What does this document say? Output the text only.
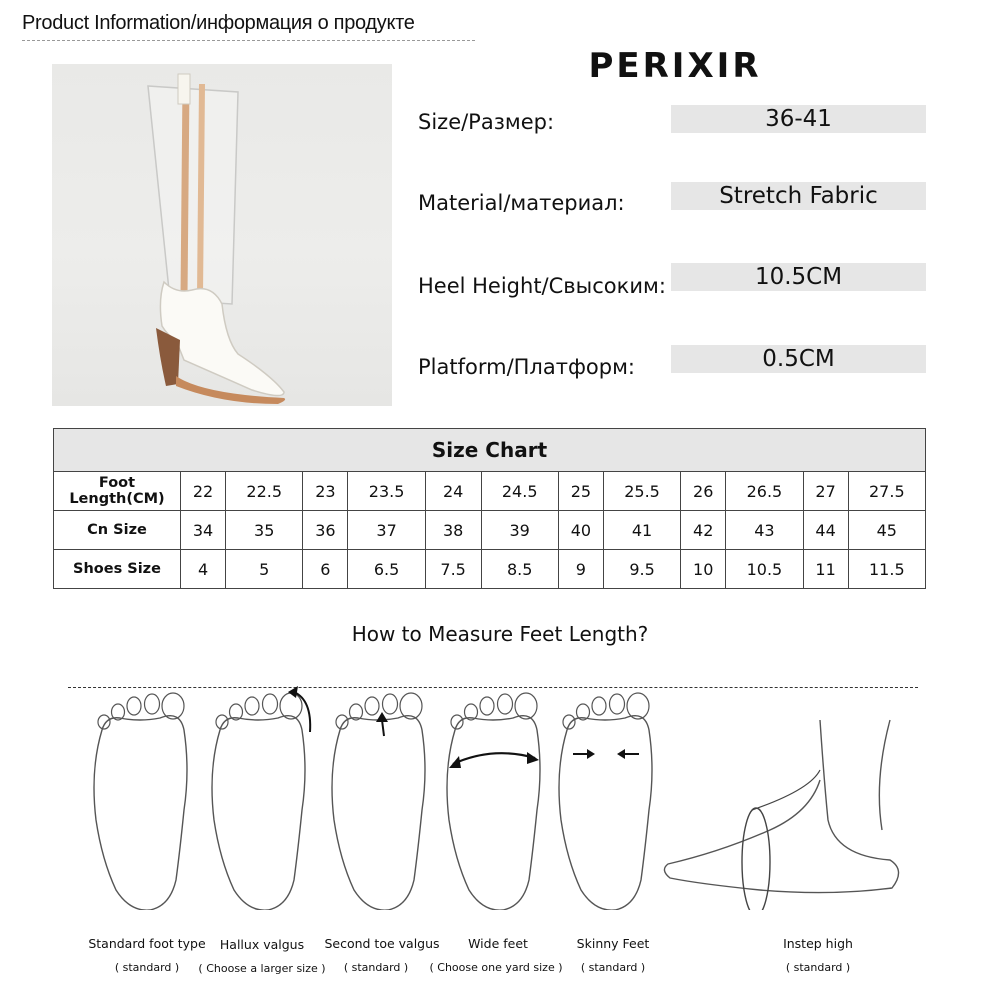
Product Information/информация о продукте
PERIXIR
Size/Размер:	36-41
Material/материал:	Stretch Fabric
Heel Height/Свысоким:	10.5CM
Platform/Платформ:	0.5CM
Size Chart												
Foot Length(CM)	22	22.5	23	23.5	24	24.5	25	25.5	26	26.5	27	27.5
Cn Size	34	35	36	37	38	39	40	41	42	43	44	45
Shoes Size	4	5	6	6.5	7.5	8.5	9	9.5	10	10.5	11	11.5
How to Measure Feet Length?
Standard foot type
( standard )
Hallux valgus
( Choose a larger size )
Second toe valgus
( standard )
Wide feet
( Choose one yard size )
Skinny Feet
( standard )
Instep high
( standard )
